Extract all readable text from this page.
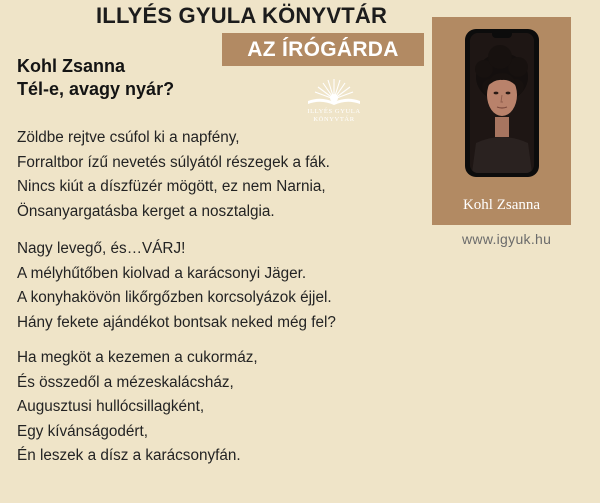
ILLYÉS GYULA KÖNYVTÁR
AZ ÍRÓGÁRDA
Kohl Zsanna
Tél-e, avagy nyár?
ILLYÉS GYULA
KÖNYVTÁR
Zöldbe rejtve csúfol ki a napfény,
Forraltbor ízű nevetés súlyától részegek a fák.
Nincs kiút a díszfüzér mögött, ez nem Narnia,
Önsanyargatásba kerget a nosztalgia.
Nagy levegő, és…VÁRJ!
A mélyhűtőben kiolvad a karácsonyi Jäger.
A konyhakövön likőrgőzben korcsolyázok éjjel.
Hány fekete ajándékot bontsak neked még fel?
Ha megköt a kezemen a cukormáz,
És összedől a mézeskalácsház,
Augusztusi hullócsillagként,
Egy kívánságodért,
Én leszek a dísz a karácsonyfán.
Kohl Zsanna
www.igyuk.hu
